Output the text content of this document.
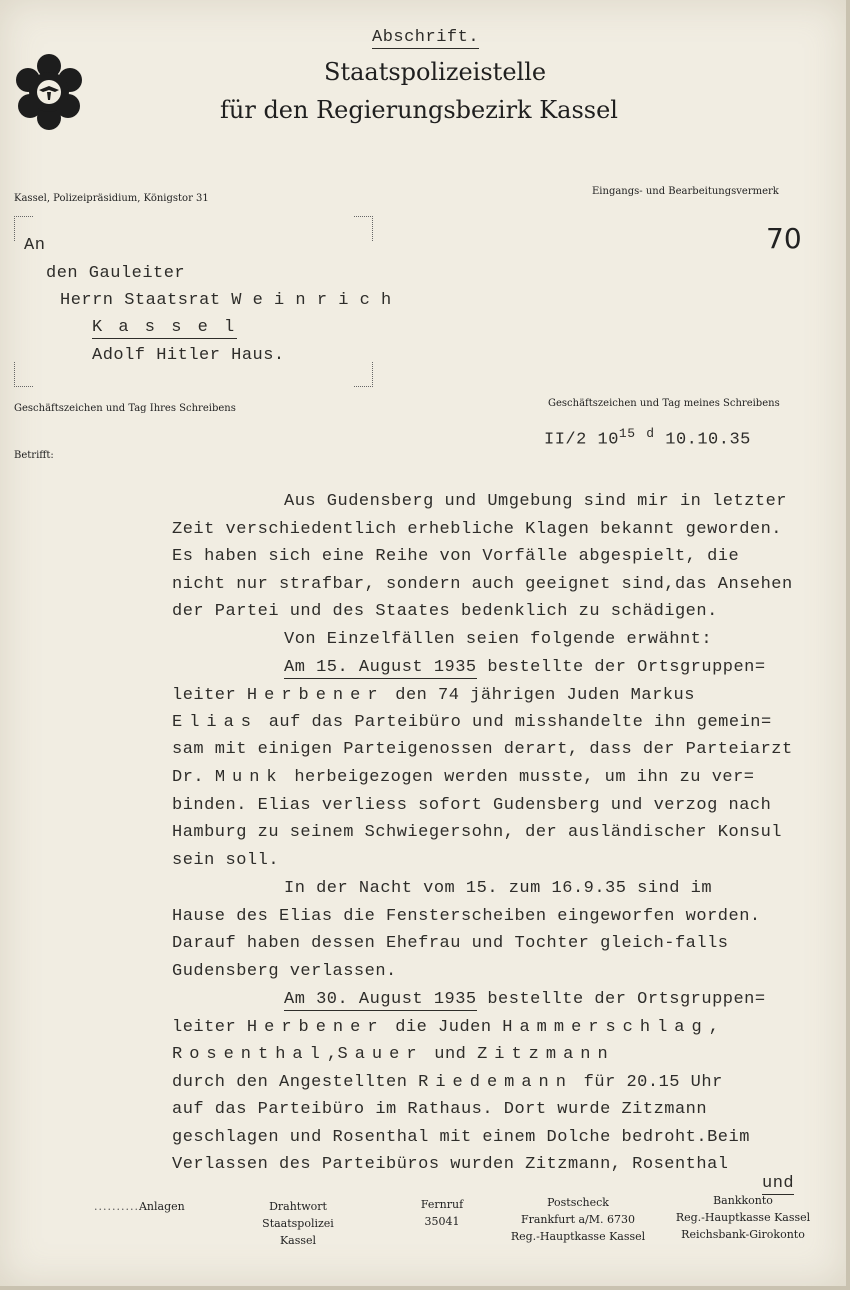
Abschrift.
Staatspolizeistelle
für den Regierungsbezirk Kassel
Kassel, Polizeipräsidium, Königstor 31
Eingangs- und Bearbeitungsvermerk
70
An
den Gauleiter
Herrn Staatsrat W e i n r i c h
K a s s e l
Adolf Hitler Haus.
Geschäftszeichen und Tag Ihres Schreibens	Geschäftszeichen und Tag meines Schreibens
II/2 $10^{15}$ $^d$ 10.10.35
Betrifft:
Aus Gudensberg und Umgebung sind mir in letzter
Zeit verschiedentlich erhebliche Klagen bekannt geworden.
Es haben sich eine Reihe von Vorfälle abgespielt, die
nicht nur strafbar, sondern auch geeignet sind,das Ansehen
der Partei und des Staates bedenklich zu schädigen.
Von Einzelfällen seien folgende erwähnt:
Am 15. August 1935 bestellte der Ortsgruppen=
leiter Herbener den 74 jährigen Juden Markus
Elias auf das Parteibüro und misshandelte ihn gemein=
sam mit einigen Parteigenossen derart, dass der Parteiarzt
Dr. Munk herbeigezogen werden musste, um ihn zu ver=
binden. Elias verliess sofort Gudensberg und verzog nach
Hamburg zu seinem Schwiegersohn, der ausländischer Konsul
sein soll.
In der Nacht vom 15. zum 16.9.35 sind im
Hause des Elias die Fensterscheiben eingeworfen worden.
Darauf haben dessen Ehefrau und Tochter gleich-falls
Gudensberg verlassen.
Am 30. August 1935 bestellte der Ortsgruppen=
leiter Herbener die Juden Hammerschlag,
Rosenthal,Sauer und Zitzmann
durch den Angestellten Riedemann für 20.15 Uhr
auf das Parteibüro im Rathaus. Dort wurde Zitzmann
geschlagen und Rosenthal mit einem Dolche bedroht.Beim
Verlassen des Parteibüros wurden Zitzmann, Rosenthal
und
..........Anlagen	Drahtwort
Staatspolizei
Kassel
Fernruf
35041
Postscheck
Frankfurt a/M. 6730
Reg.-Hauptkasse Kassel
Bankkonto
Reg.-Hauptkasse Kassel
Reichsbank-Girokonto
